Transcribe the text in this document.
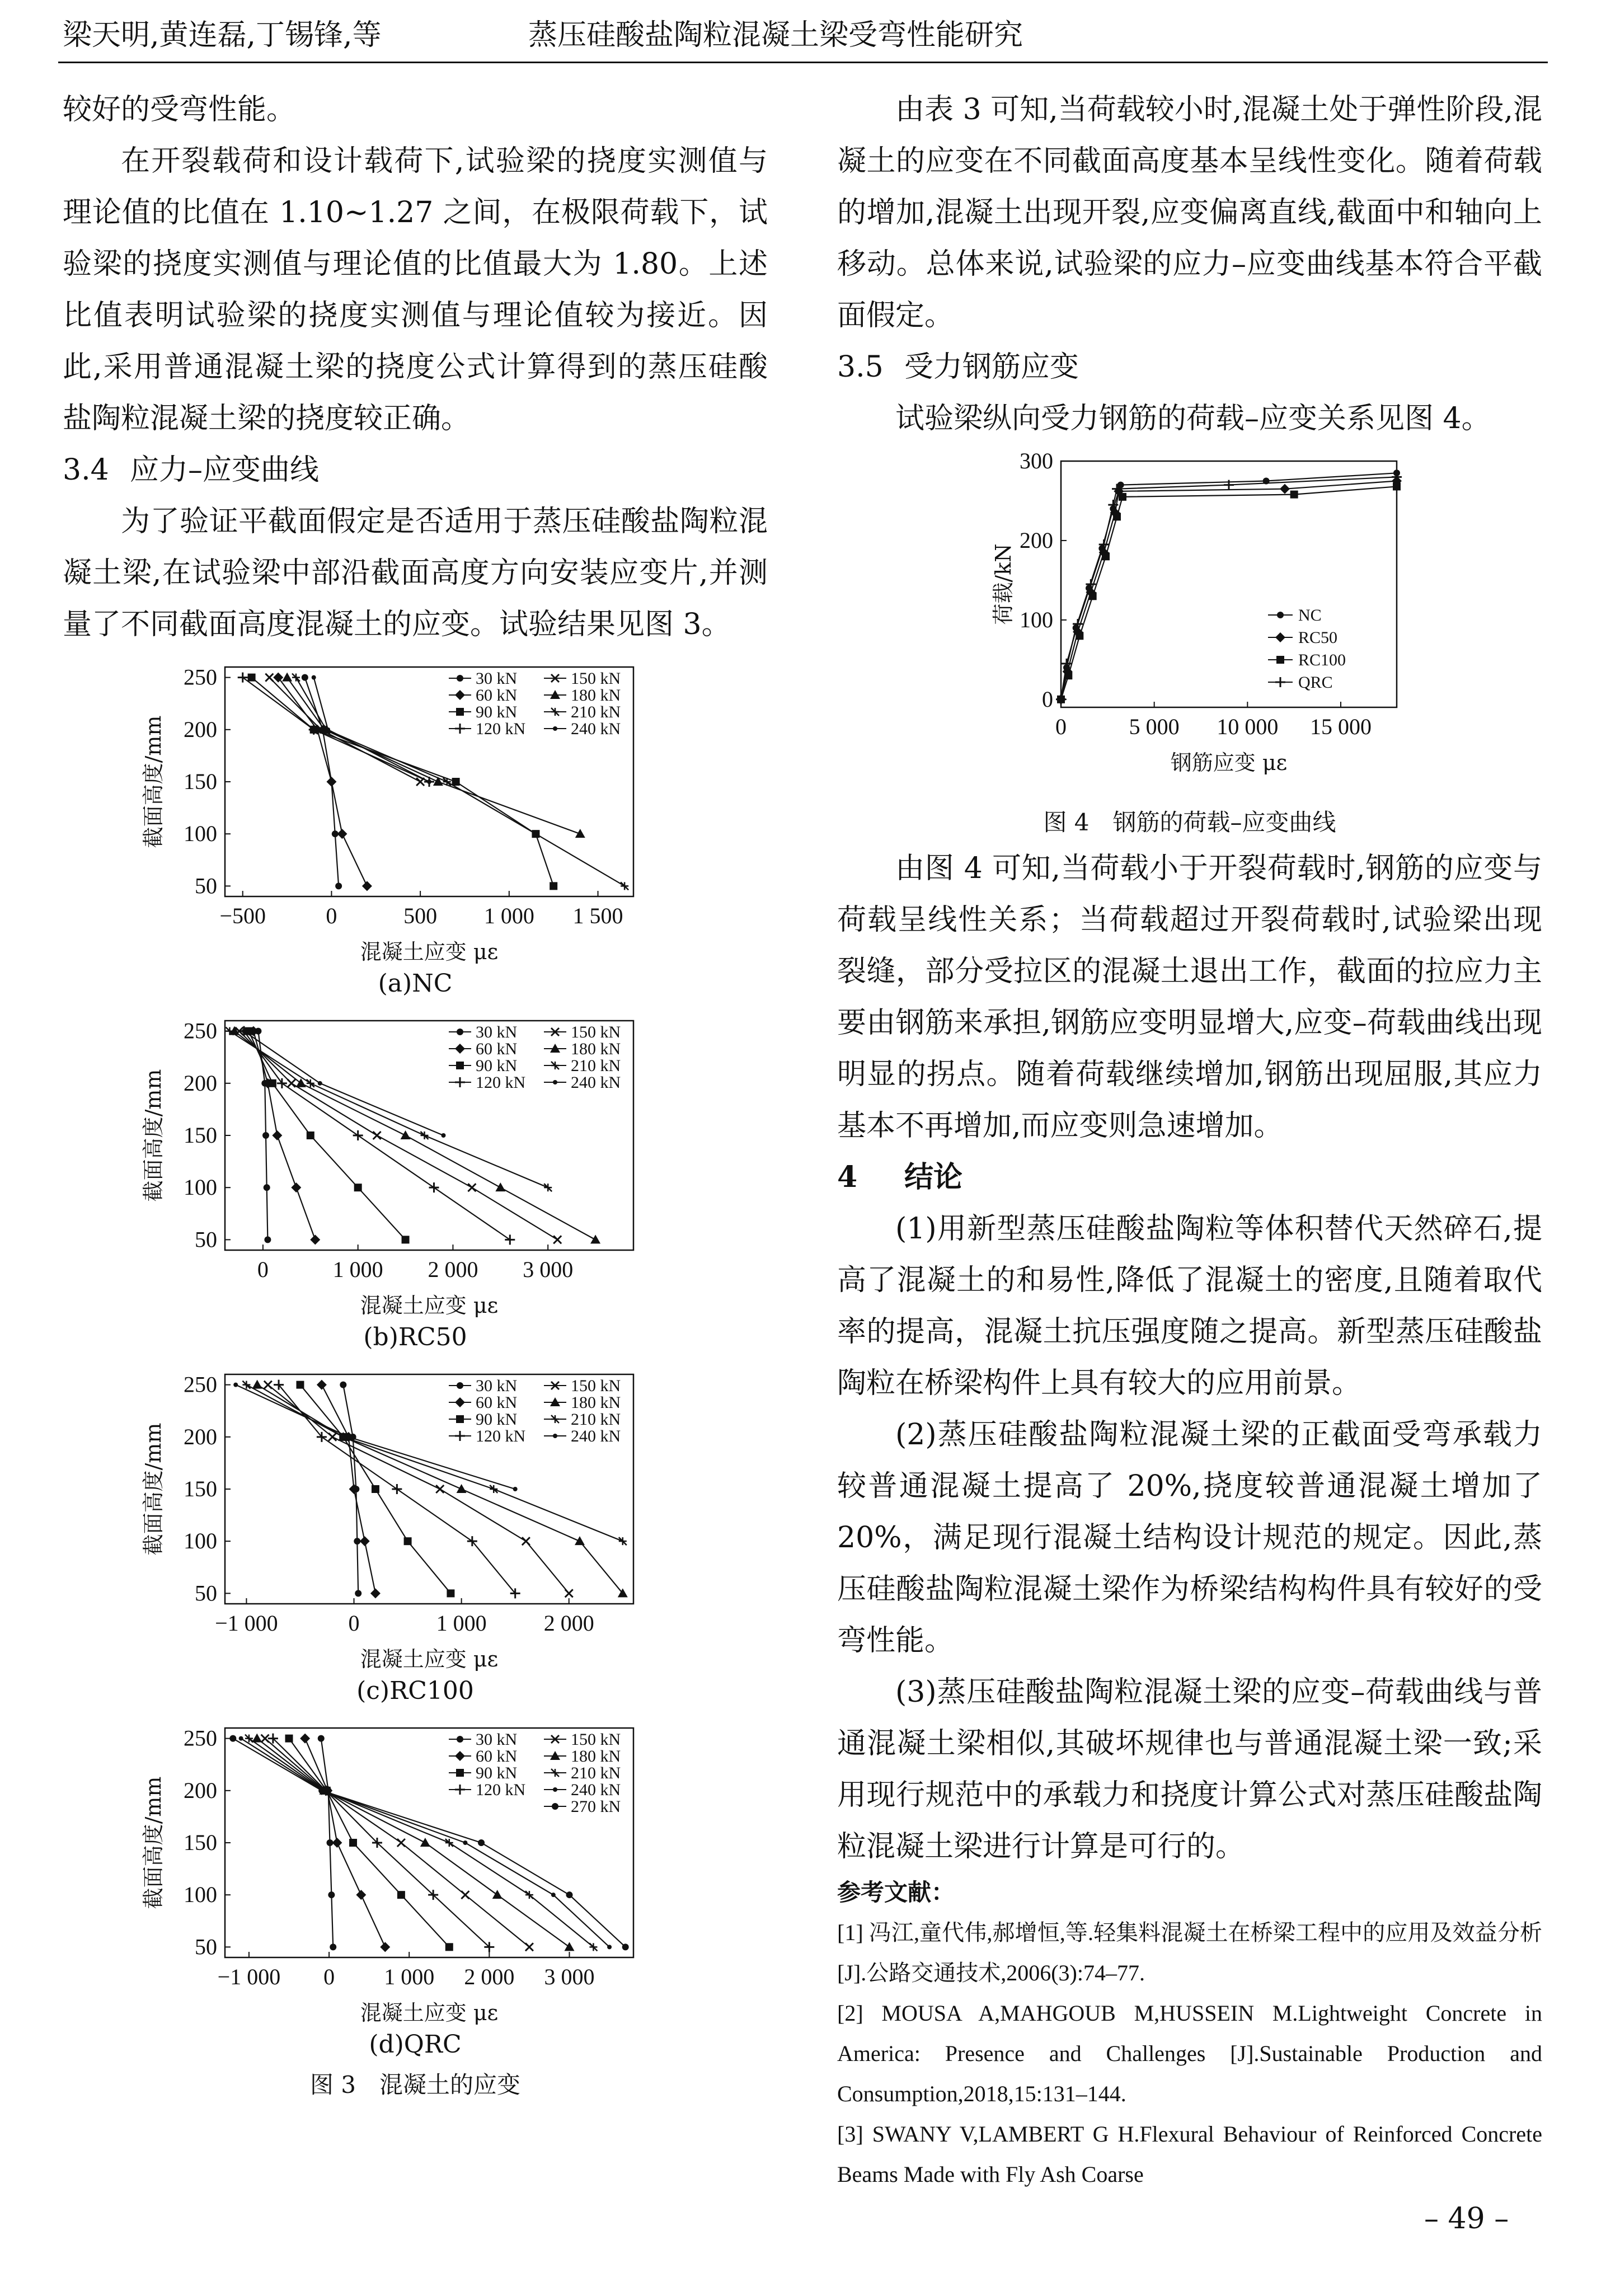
梁天明,黄连磊,丁锡锋,等	蒸压硅酸盐陶粒混凝土梁受弯性能研究

较好的受弯性能。

在开裂载荷和设计载荷下,试验梁的挠度实测值与理论值的比值在 1.10~1.27 之间，在极限荷载下，试验梁的挠度实测值与理论值的比值最大为 1.80。上述比值表明试验梁的挠度实测值与理论值较为接近。因此,采用普通混凝土梁的挠度公式计算得到的蒸压硅酸盐陶粒混凝土梁的挠度较正确。

3.4 应力–应变曲线

为了验证平截面假定是否适用于蒸压硅酸盐陶粒混凝土梁,在试验梁中部沿截面高度方向安装应变片,并测量了不同截面高度混凝土的应变。试验结果见图 3。

250
200
150
100
50
−500	0	500 1 000 1 500
截面高度/mm
混凝土应变 με
30 kN	150 kN
60 kN	180 kN
90 kN	210 kN
120 kN	240 kN

(a)NC

250
200
150
100
50
0	1 000 2 000 3 000
截面高度/mm
混凝土应变 με
30 kN	150 kN
60 kN	180 kN
90 kN	210 kN
120 kN	240 kN

(b)RC50

250
200
150
100
50
−1 000	0	1 000	2 000
截面高度/mm
混凝土应变 με
30 kN	150 kN
60 kN	180 kN
90 kN	210 kN
120 kN	240 kN

(c)RC100

250
200
150
100
50
−1 000 0 1 000 2 000 3 000
截面高度/mm
混凝土应变 με
30 kN	150 kN
60 kN	180 kN
90 kN	210 kN
120 kN	240 kN
270 kN

(d)QRC

图 3　混凝土的应变

由表 3 可知,当荷载较小时,混凝土处于弹性阶段,混凝土的应变在不同截面高度基本呈线性变化。随着荷载的增加,混凝土出现开裂,应变偏离直线,截面中和轴向上移动。总体来说,试验梁的应力–应变曲线基本符合平截面假定。

3.5 受力钢筋应变

试验梁纵向受力钢筋的荷载–应变关系见图 4。

0
100
200
300
0	5 000 10 000 15 000
荷载/kN
钢筋应变 με
NC
RC50
RC100
QRC

图 4　钢筋的荷载–应变曲线

由图 4 可知,当荷载小于开裂荷载时,钢筋的应变与荷载呈线性关系；当荷载超过开裂荷载时,试验梁出现裂缝，部分受拉区的混凝土退出工作，截面的拉应力主要由钢筋来承担,钢筋应变明显增大,应变–荷载曲线出现明显的拐点。随着荷载继续增加,钢筋出现屈服,其应力基本不再增加,而应变则急速增加。

4 结论

(1)用新型蒸压硅酸盐陶粒等体积替代天然碎石,提高了混凝土的和易性,降低了混凝土的密度,且随着取代率的提高，混凝土抗压强度随之提高。新型蒸压硅酸盐陶粒在桥梁构件上具有较大的应用前景。

(2)蒸压硅酸盐陶粒混凝土梁的正截面受弯承载力较普通混凝土提高了 20%,挠度较普通混凝土增加了 20%，满足现行混凝土结构设计规范的规定。因此,蒸压硅酸盐陶粒混凝土梁作为桥梁结构构件具有较好的受弯性能。

(3)蒸压硅酸盐陶粒混凝土梁的应变–荷载曲线与普通混凝土梁相似,其破坏规律也与普通混凝土梁一致;采用现行规范中的承载力和挠度计算公式对蒸压硅酸盐陶粒混凝土梁进行计算是可行的。

参考文献：

[1] 冯江,童代伟,郝增恒,等.轻集料混凝土在桥梁工程中的应用及效益分析[J].公路交通技术,2006(3):74–77.

[2] MOUSA A,MAHGOUB M,HUSSEIN M.Lightweight Concrete in America: Presence and Challenges [J].Sustainable Production and Consumption,2018,15:131–144.

[3] SWANY V,LAMBERT G H.Flexural Behaviour of Reinforced Concrete Beams Made with Fly Ash Coarse

– 49 –
